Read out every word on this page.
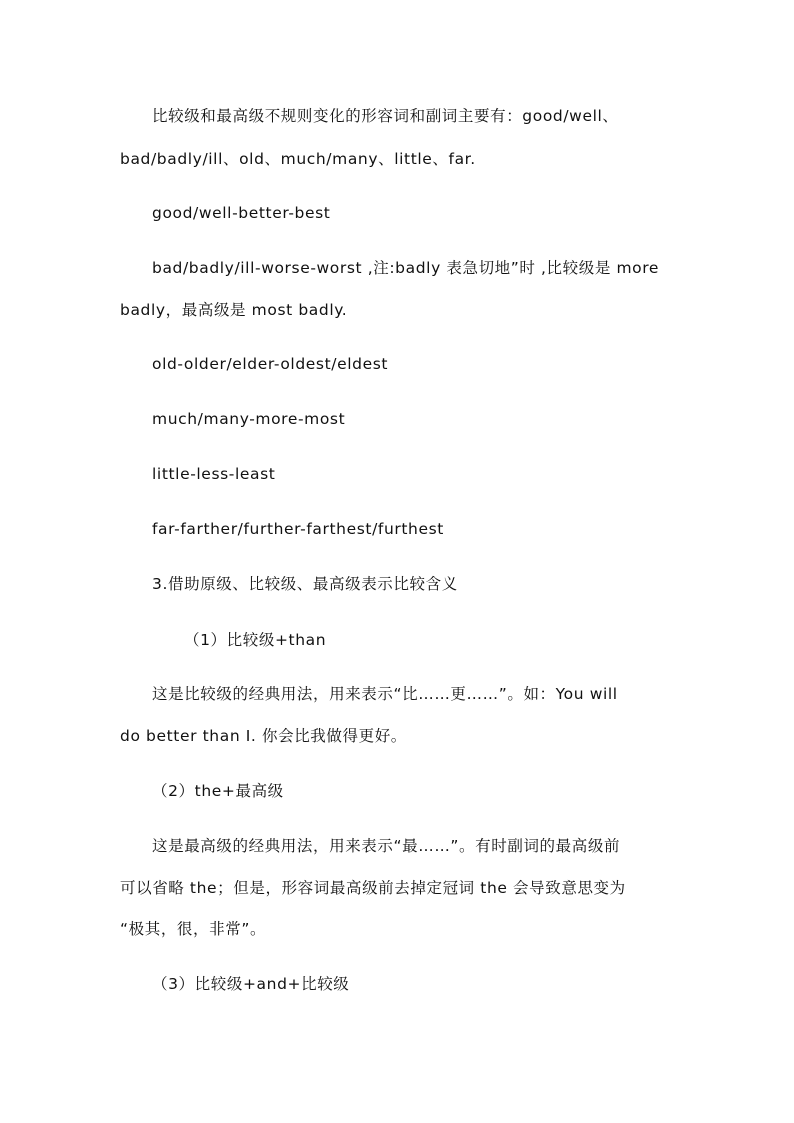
比较级和最高级不规则变化的形容词和副词主要有：good/well、
bad/badly/ill、old、much/many、little、far.
good/well-better-best
bad/badly/ill-worse-worst ,注:badly 表急切地”时 ,比较级是 more
badly，最高级是 most badly.
old-older/elder-oldest/eldest
much/many-more-most
little-less-least
far-farther/further-farthest/furthest
3.借助原级、比较级、最高级表示比较含义
（1）比较级+than
这是比较级的经典用法，用来表示“比……更……”。如：You will
do better than I. 你会比我做得更好。
（2）the+最高级
这是最高级的经典用法，用来表示“最……”。有时副词的最高级前
可以省略 the；但是，形容词最高级前去掉定冠词 the 会导致意思变为
“极其，很，非常”。
（3）比较级+and+比较级
